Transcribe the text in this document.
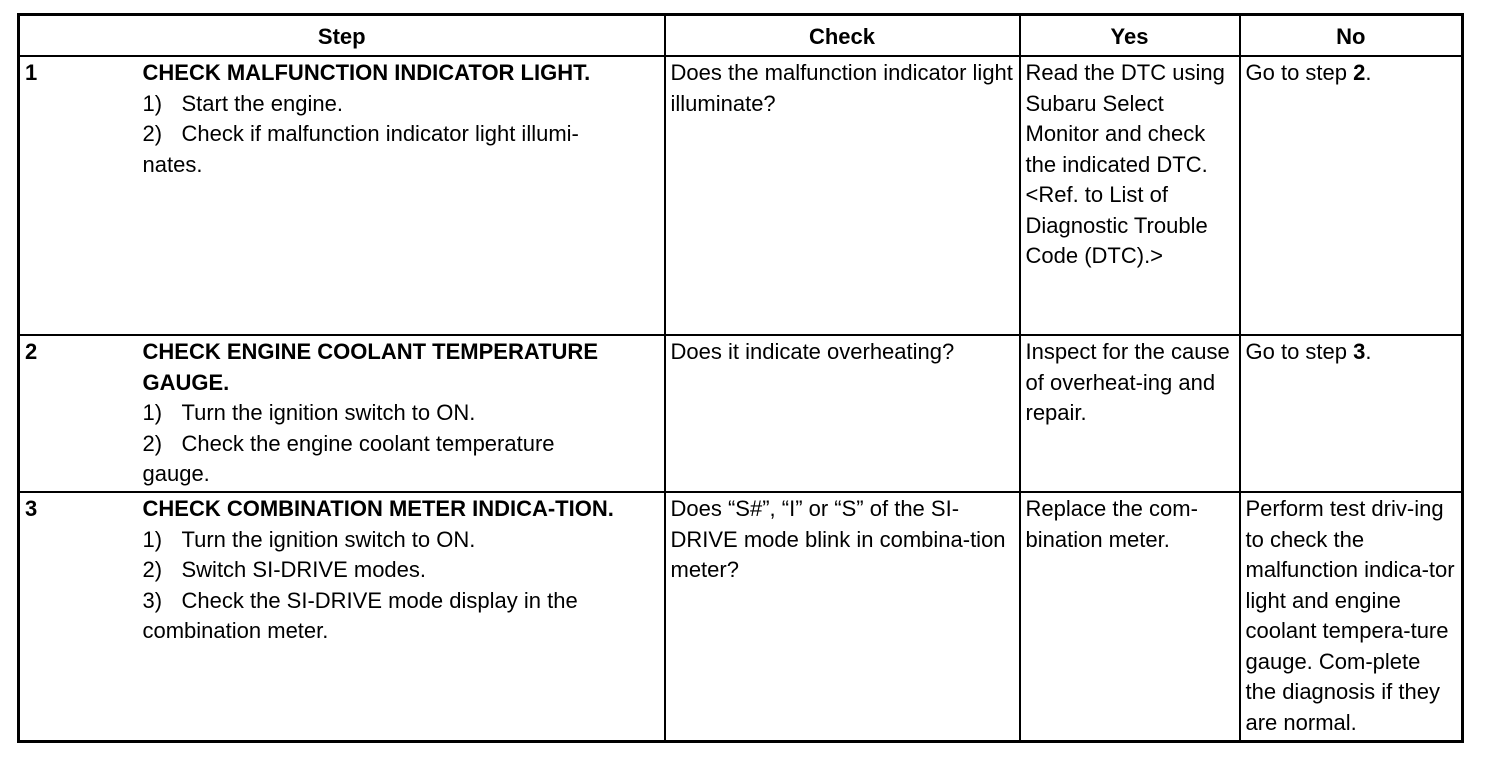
Step		Check	Yes	No
1	CHECK MALFUNCTION INDICATOR LIGHT.
1) Start the engine.
2) Check if malfunction indicator light illumi-
nates.	Does the malfunction indicator light illuminate?	Read the DTC using Subaru Select Monitor and check the indicated DTC. <Ref. to List of Diagnostic Trouble Code (DTC).>	Go to step 2.
2	CHECK ENGINE COOLANT TEMPERATURE GAUGE.
1) Turn the ignition switch to ON.
2) Check the engine coolant temperature
gauge.	Does it indicate overheating?	Inspect for the cause of overheat-ing and repair.	Go to step 3.
3	CHECK COMBINATION METER INDICA-TION.
1) Turn the ignition switch to ON.
2) Switch SI-DRIVE modes.
3) Check the SI-DRIVE mode display in the
combination meter.	Does “S#”, “I” or “S” of the SI-DRIVE mode blink in combina-tion meter?	Replace the com-bination meter.	Perform test driv-ing to check the malfunction indica-tor light and engine coolant tempera-ture gauge. Com-plete the diagnosis if they are normal.
